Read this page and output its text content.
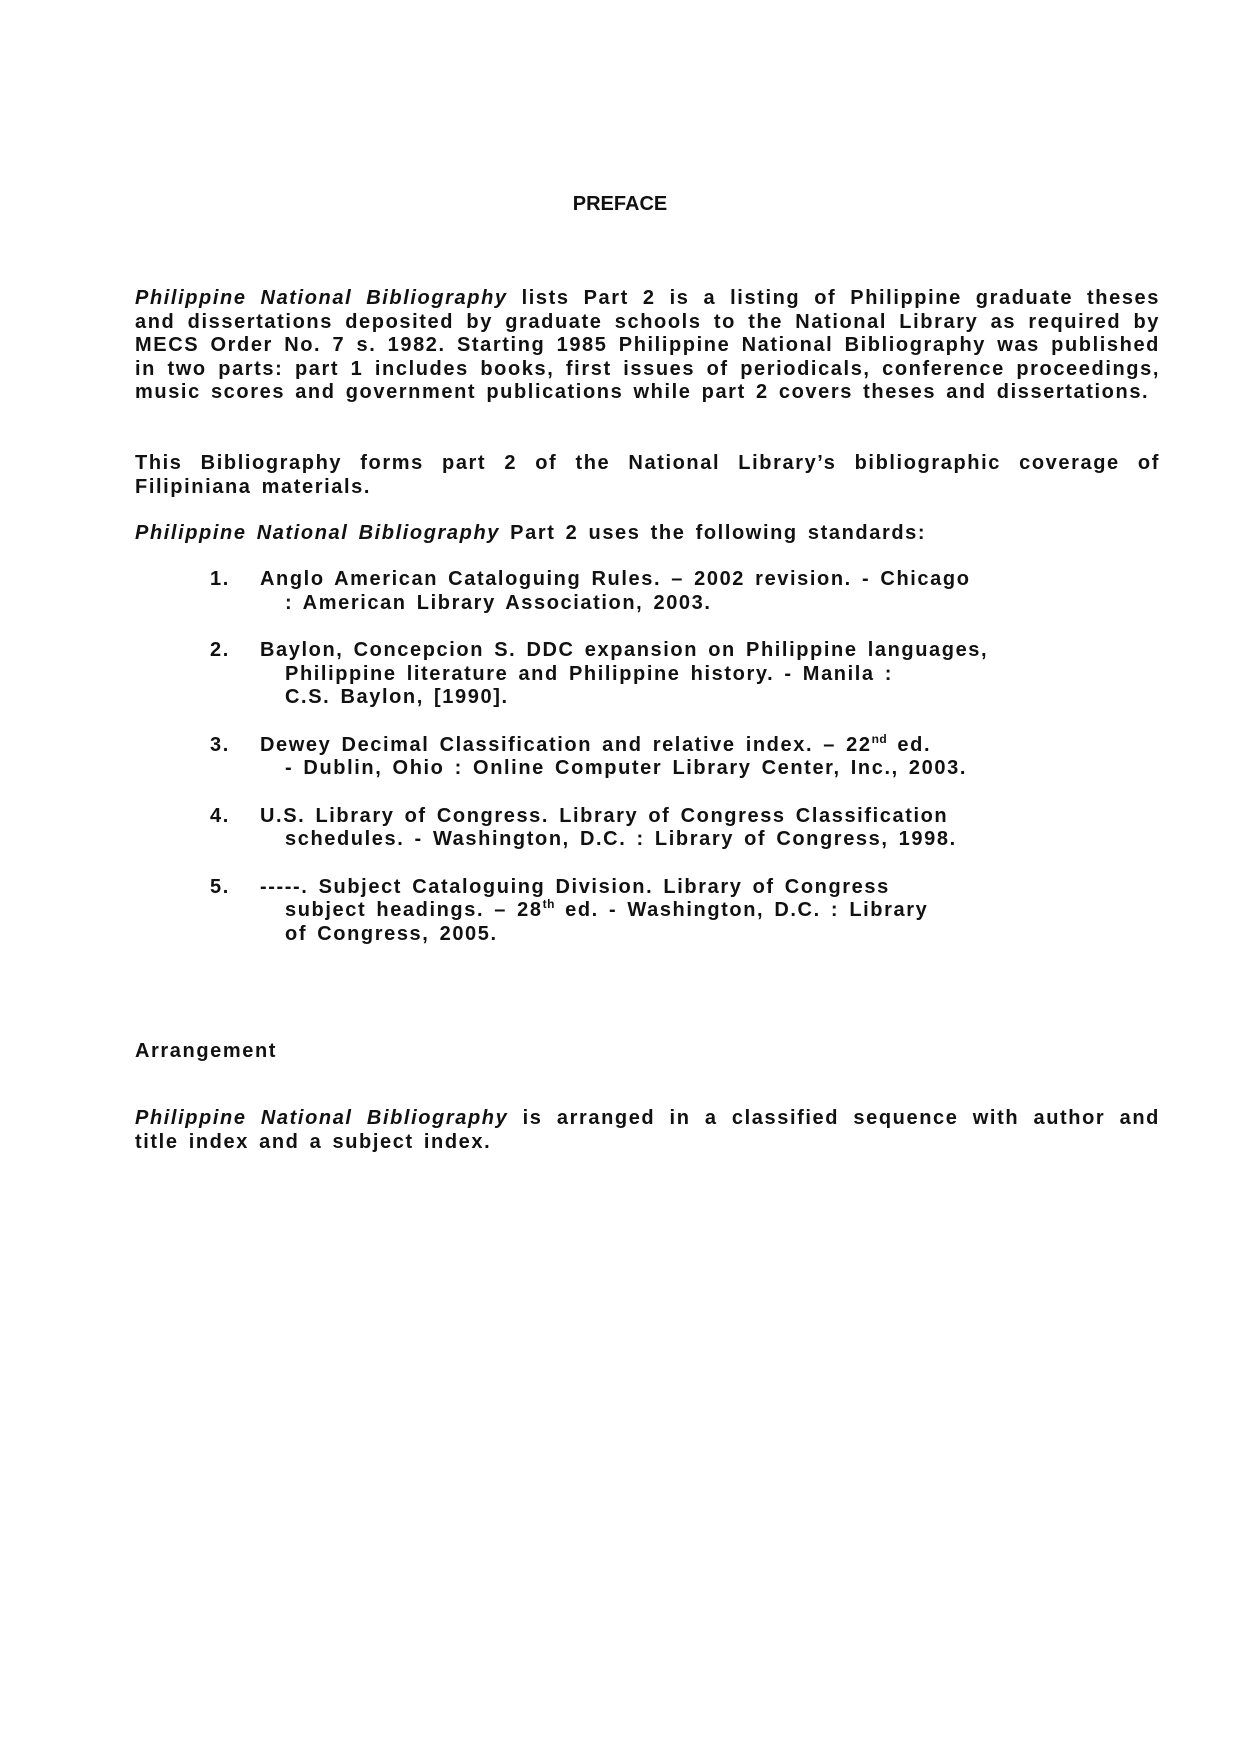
PREFACE

Philippine National Bibliography lists Part 2 is a listing of Philippine graduate theses and dissertations deposited by graduate schools to the National Library as required by MECS Order No. 7 s. 1982. Starting 1985 Philippine National Bibliography was published in two parts: part 1 includes books, first issues of periodicals, conference proceedings, music scores and government publications while part 2 covers theses and dissertations.

This Bibliography forms part 2 of the National Library’s bibliographic coverage of Filipiniana materials.

Philippine National Bibliography Part 2 uses the following standards:

1. Anglo American Cataloguing Rules. – 2002 revision. - Chicago
: American Library Association, 2003.
2. Baylon, Concepcion S. DDC expansion on Philippine languages,
Philippine literature and Philippine history. - Manila :
C.S. Baylon, [1990].
3. Dewey Decimal Classification and relative index. – 22nd ed.
- Dublin, Ohio : Online Computer Library Center, Inc., 2003.
4. U.S. Library of Congress. Library of Congress Classification
schedules. - Washington, D.C. : Library of Congress, 1998.
5. -----. Subject Cataloguing Division. Library of Congress
subject headings. – 28th ed. - Washington, D.C. : Library
of Congress, 2005.
Arrangement

Philippine National Bibliography is arranged in a classified sequence with author and title index and a subject index.
